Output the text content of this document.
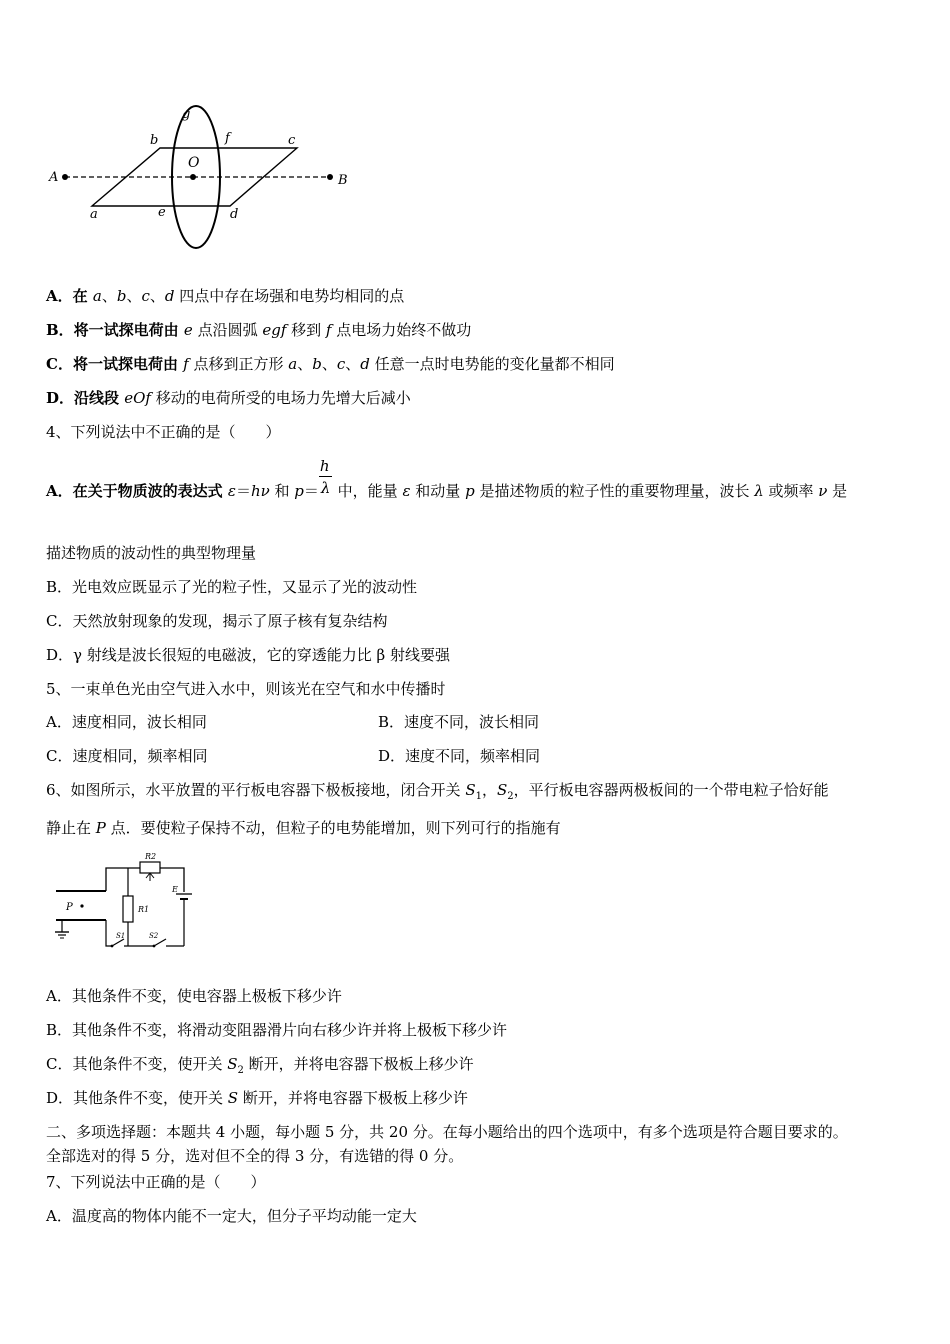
A	B
O
a
b	c
d
e
f
g
A．在 a、b、c、d 四点中存在场强和电势均相同的点
B．将一试探电荷由 e 点沿圆弧 egf 移到 f 点电场力始终不做功
C．将一试探电荷由 f 点移到正方形 a、b、c、d 任意一点时电势能的变化量都不相同
D．沿线段 eOf 移动的电荷所受的电场力先增大后减小
4、下列说法中不正确的是（　　）
A．在关于物质波的表达式 ε＝hν 和 $p= \frac{h}{\lambda}$ 中，能量 ε 和动量 p 是描述物质的粒子性的重要物理量，波长 λ 或频率 ν 是
描述物质的波动性的典型物理量
B．光电效应既显示了光的粒子性，又显示了光的波动性
C．天然放射现象的发现，揭示了原子核有复杂结构
D．γ 射线是波长很短的电磁波，它的穿透能力比 β 射线要强
5、一束单色光由空气进入水中，则该光在空气和水中传播时
A．速度相同，波长相同	B．速度不同，波长相同
C．速度相同，频率相同	D．速度不同，频率相同
6、如图所示，水平放置的平行板电容器下极板接地，闭合开关 $S_1$，$S_2$，平行板电容器两极板间的一个带电粒子恰好能
静止在 P 点．要使粒子保持不动，但粒子的电势能增加，则下列可行的指施有
P
R2
R1
E
S1	S2
A．其他条件不变，使电容器上极板下移少许
B．其他条件不变，将滑动变阻器滑片向右移少许并将上极板下移少许
C．其他条件不变，使开关 $S_2$ 断开，并将电容器下极板上移少许
D．其他条件不变，使开关 S 断开，并将电容器下极板上移少许
二、多项选择题：本题共 4 小题，每小题 5 分，共 20 分。在每小题给出的四个选项中，有多个选项是符合题目要求的。
全部选对的得 5 分，选对但不全的得 3 分，有选错的得 0 分。
7、下列说法中正确的是（　　）
A．温度高的物体内能不一定大，但分子平均动能一定大
